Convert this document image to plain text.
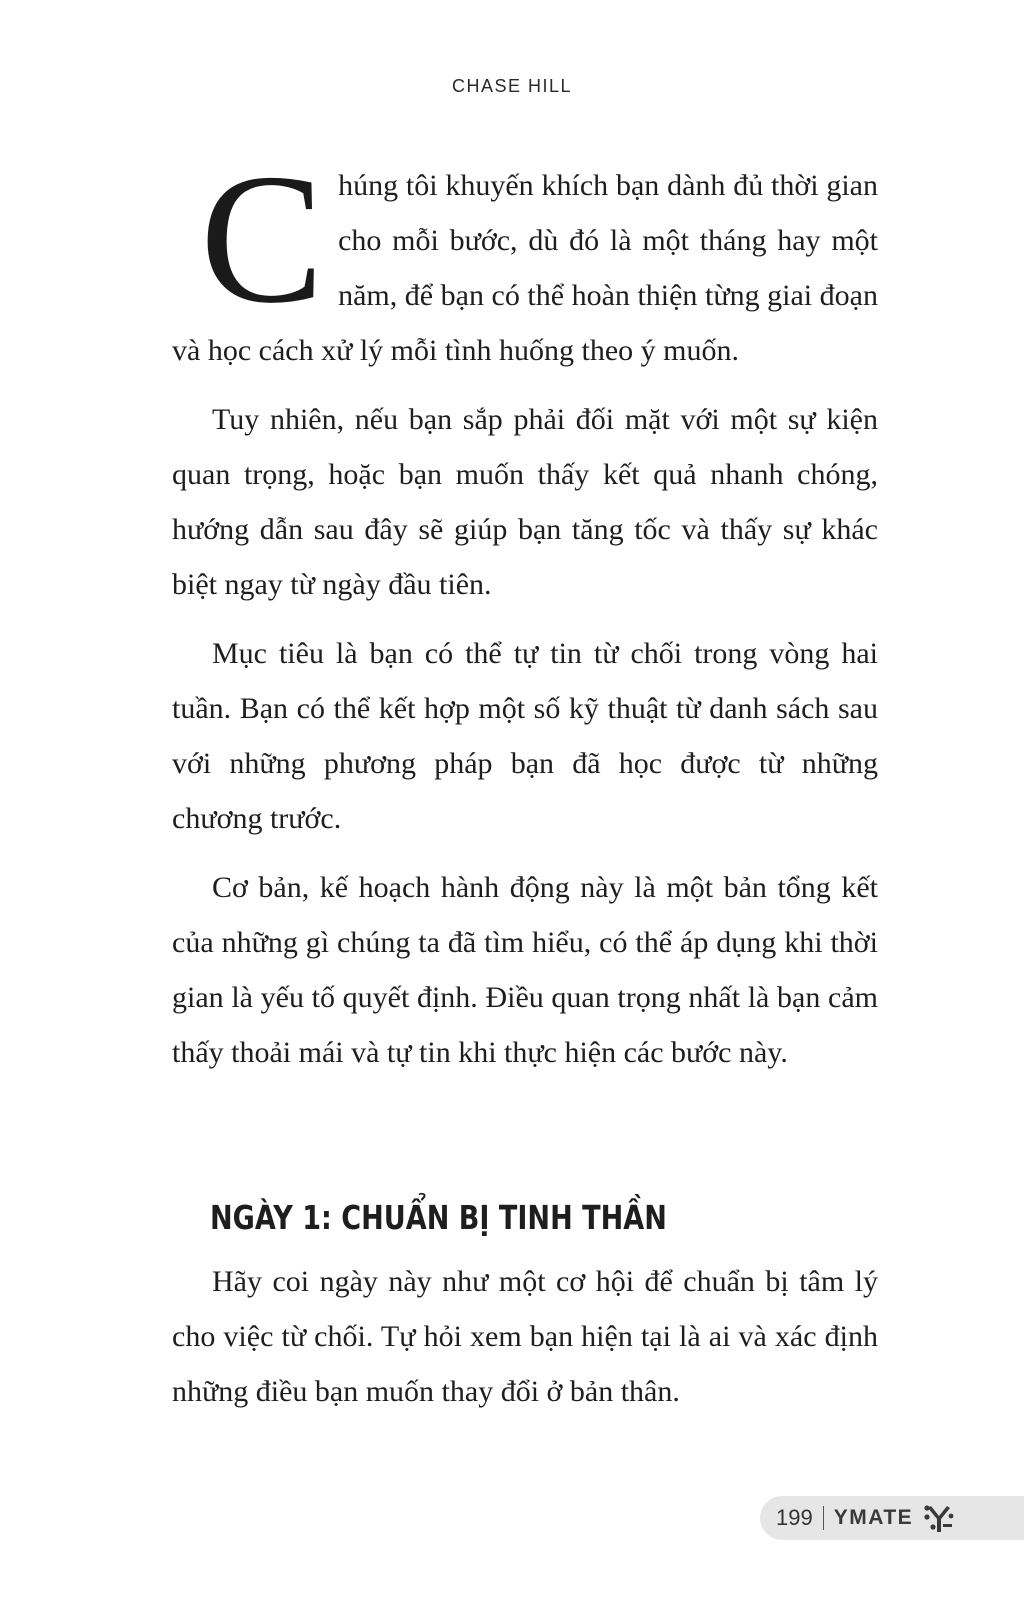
CHASE HILL

Chúng tôi khuyến khích bạn dành đủ thời gian cho mỗi bước, dù đó là một tháng hay một năm, để bạn có thể hoàn thiện từng giai đoạn và học cách xử lý mỗi tình huống theo ý muốn.

Tuy nhiên, nếu bạn sắp phải đối mặt với một sự kiện quan trọng, hoặc bạn muốn thấy kết quả nhanh chóng, hướng dẫn sau đây sẽ giúp bạn tăng tốc và thấy sự khác biệt ngay từ ngày đầu tiên.

Mục tiêu là bạn có thể tự tin từ chối trong vòng hai tuần. Bạn có thể kết hợp một số kỹ thuật từ danh sách sau với những phương pháp bạn đã học được từ những chương trước.

Cơ bản, kế hoạch hành động này là một bản tổng kết của những gì chúng ta đã tìm hiểu, có thể áp dụng khi thời gian là yếu tố quyết định. Điều quan trọng nhất là bạn cảm thấy thoải mái và tự tin khi thực hiện các bước này.

NGÀY 1: CHUẨN BỊ TINH THẦN

Hãy coi ngày này như một cơ hội để chuẩn bị tâm lý cho việc từ chối. Tự hỏi xem bạn hiện tại là ai và xác định những điều bạn muốn thay đổi ở bản thân.

199 YMATE
